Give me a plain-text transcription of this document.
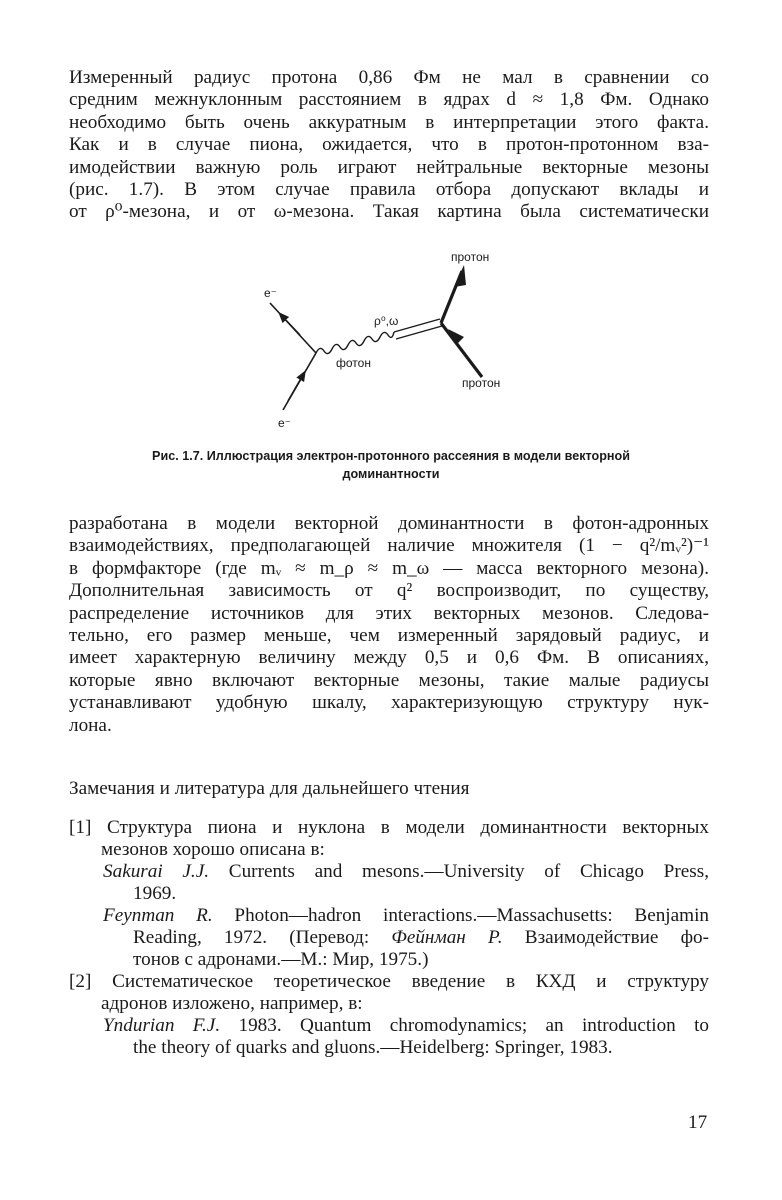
Измеренный радиус протона 0,86 Фм не мал в сравнении со
средним межнуклонным расстоянием в ядрах d ≈ 1,8 Фм. Однако
необходимо быть очень аккуратным в интерпретации этого факта.
Как и в случае пиона, ожидается, что в протон-протонном вза-
имодействии важную роль играют нейтральные векторные мезоны
(рис. 1.7). В этом случае правила отбора допускают вклады и
от ρ⁰-мезона, и от ω-мезона. Такая картина была систематически
e⁻
e⁻
фотон
ρ⁰,ω
протон
протон
Рис. 1.7. Иллюстрация электрон-протонного рассеяния в модели векторной
доминантности
разработана в модели векторной доминантности в фотон-адронных
взаимодействиях, предполагающей наличие множителя (1 − q²/mᵥ²)⁻¹
в формфакторе (где mᵥ ≈ m_ρ ≈ m_ω — масса векторного мезона).
Дополнительная зависимость от q² воспроизводит, по существу,
распределение источников для этих векторных мезонов. Следова-
тельно, его размер меньше, чем измеренный зарядовый радиус, и
имеет характерную величину между 0,5 и 0,6 Фм. В описаниях,
которые явно включают векторные мезоны, такие малые радиусы
устанавливают удобную шкалу, характеризующую структуру нук-
лона.
Замечания и литература для дальнейшего чтения
[1] Структура пиона и нуклона в модели доминантности векторных
мезонов хорошо описана в:
Sakurai J.J. Currents and mesons.—University of Chicago Press,
1969.
Feynman R. Photon—hadron interactions.—Massachusetts: Benjamin
Reading, 1972. (Перевод: Фейнман Р. Взаимодействие фо-
тонов с адронами.—М.: Мир, 1975.)
[2] Систематическое теоретическое введение в КХД и структуру
адронов изложено, например, в:
Yndurian F.J. 1983. Quantum chromodynamics; an introduction to
the theory of quarks and gluons.—Heidelberg: Springer, 1983.
17
